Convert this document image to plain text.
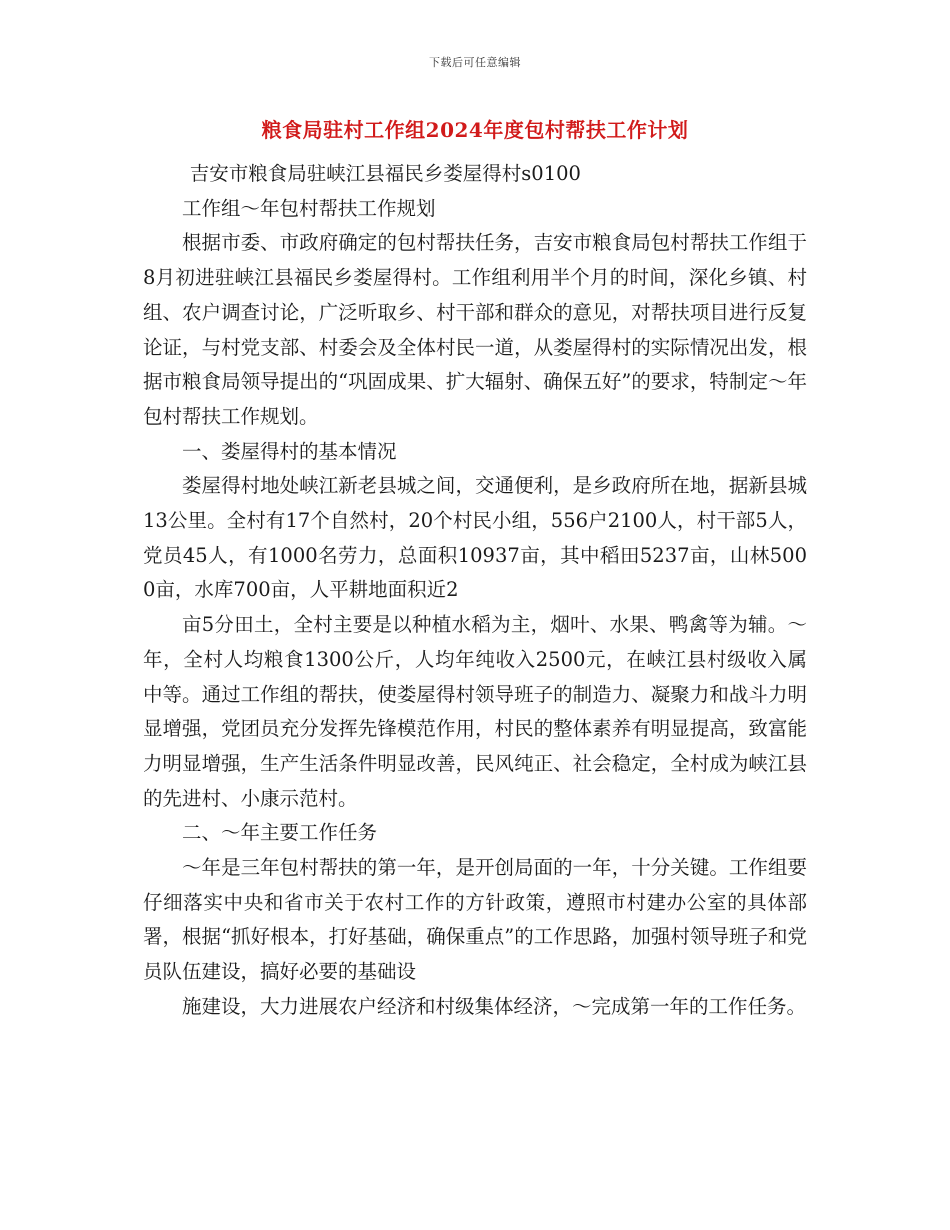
下载后可任意编辑
粮食局驻村工作组2024年度包村帮扶工作计划

吉安市粮食局驻峡江县福民乡娄屋得村s0100

工作组～年包村帮扶工作规划

根据市委、市政府确定的包村帮扶任务，吉安市粮食局包村帮扶工作组于8月初进驻峡江县福民乡娄屋得村。工作组利用半个月的时间，深化乡镇、村组、农户调查讨论，广泛听取乡、村干部和群众的意见，对帮扶项目进行反复论证，与村党支部、村委会及全体村民一道，从娄屋得村的实际情况出发，根据市粮食局领导提出的“巩固成果、扩大辐射、确保五好”的要求，特制定～年包村帮扶工作规划。

一、娄屋得村的基本情况

娄屋得村地处峡江新老县城之间，交通便利，是乡政府所在地，据新县城13公里。全村有17个自然村，20个村民小组，556户2100人，村干部5人，党员45人，有1000名劳力，总面积10937亩，其中稻田5237亩，山林5000亩，水库700亩，人平耕地面积近2

亩5分田土，全村主要是以种植水稻为主，烟叶、水果、鸭禽等为辅。～年，全村人均粮食1300公斤，人均年纯收入2500元，在峡江县村级收入属中等。通过工作组的帮扶，使娄屋得村领导班子的制造力、凝聚力和战斗力明显增强，党团员充分发挥先锋模范作用，村民的整体素养有明显提高，致富能力明显增强，生产生活条件明显改善，民风纯正、社会稳定，全村成为峡江县的先进村、小康示范村。

二、～年主要工作任务

～年是三年包村帮扶的第一年，是开创局面的一年，十分关键。工作组要仔细落实中央和省市关于农村工作的方针政策，遵照市村建办公室的具体部署，根据“抓好根本，打好基础，确保重点”的工作思路，加强村领导班子和党员队伍建设，搞好必要的基础设

施建设，大力进展农户经济和村级集体经济，～完成第一年的工作任务。
